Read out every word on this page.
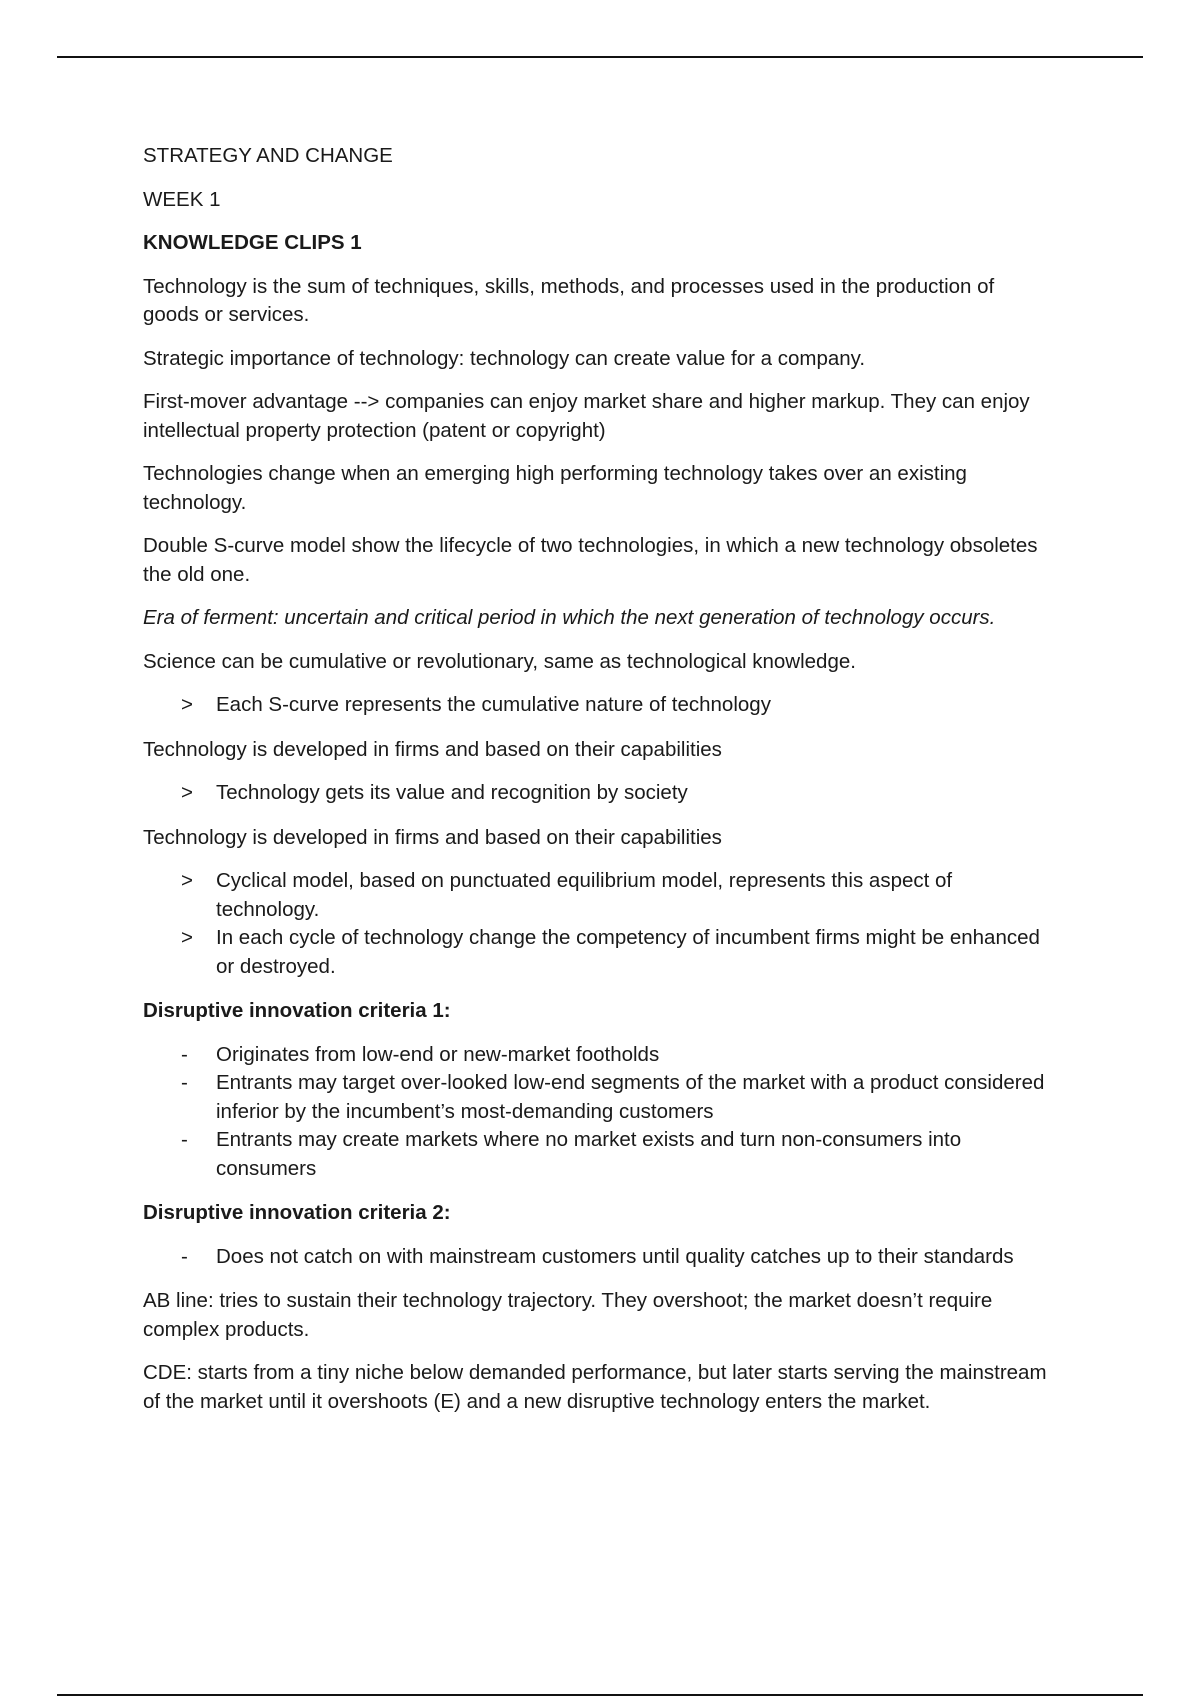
STRATEGY AND CHANGE

WEEK 1

KNOWLEDGE CLIPS 1

Technology is the sum of techniques, skills, methods, and processes used in the production of goods or services.

Strategic importance of technology: technology can create value for a company.

First-mover advantage --> companies can enjoy market share and higher markup. They can enjoy intellectual property protection (patent or copyright)

Technologies change when an emerging high performing technology takes over an existing technology.

Double S-curve model show the lifecycle of two technologies, in which a new technology obsoletes the old one.

Era of ferment: uncertain and critical period in which the next generation of technology occurs.

Science can be cumulative or revolutionary, same as technological knowledge.

> Each S-curve represents the cumulative nature of technology

Technology is developed in firms and based on their capabilities

> Technology gets its value and recognition by society

Technology is developed in firms and based on their capabilities

> Cyclical model, based on punctuated equilibrium model, represents this aspect of technology.
> In each cycle of technology change the competency of incumbent firms might be enhanced or destroyed.

Disruptive innovation criteria 1:

- Originates from low-end or new-market footholds
- Entrants may target over-looked low-end segments of the market with a product considered inferior by the incumbent’s most-demanding customers
- Entrants may create markets where no market exists and turn non-consumers into consumers

Disruptive innovation criteria 2:

- Does not catch on with mainstream customers until quality catches up to their standards

AB line: tries to sustain their technology trajectory. They overshoot; the market doesn’t require complex products.

CDE: starts from a tiny niche below demanded performance, but later starts serving the mainstream of the market until it overshoots (E) and a new disruptive technology enters the market.
